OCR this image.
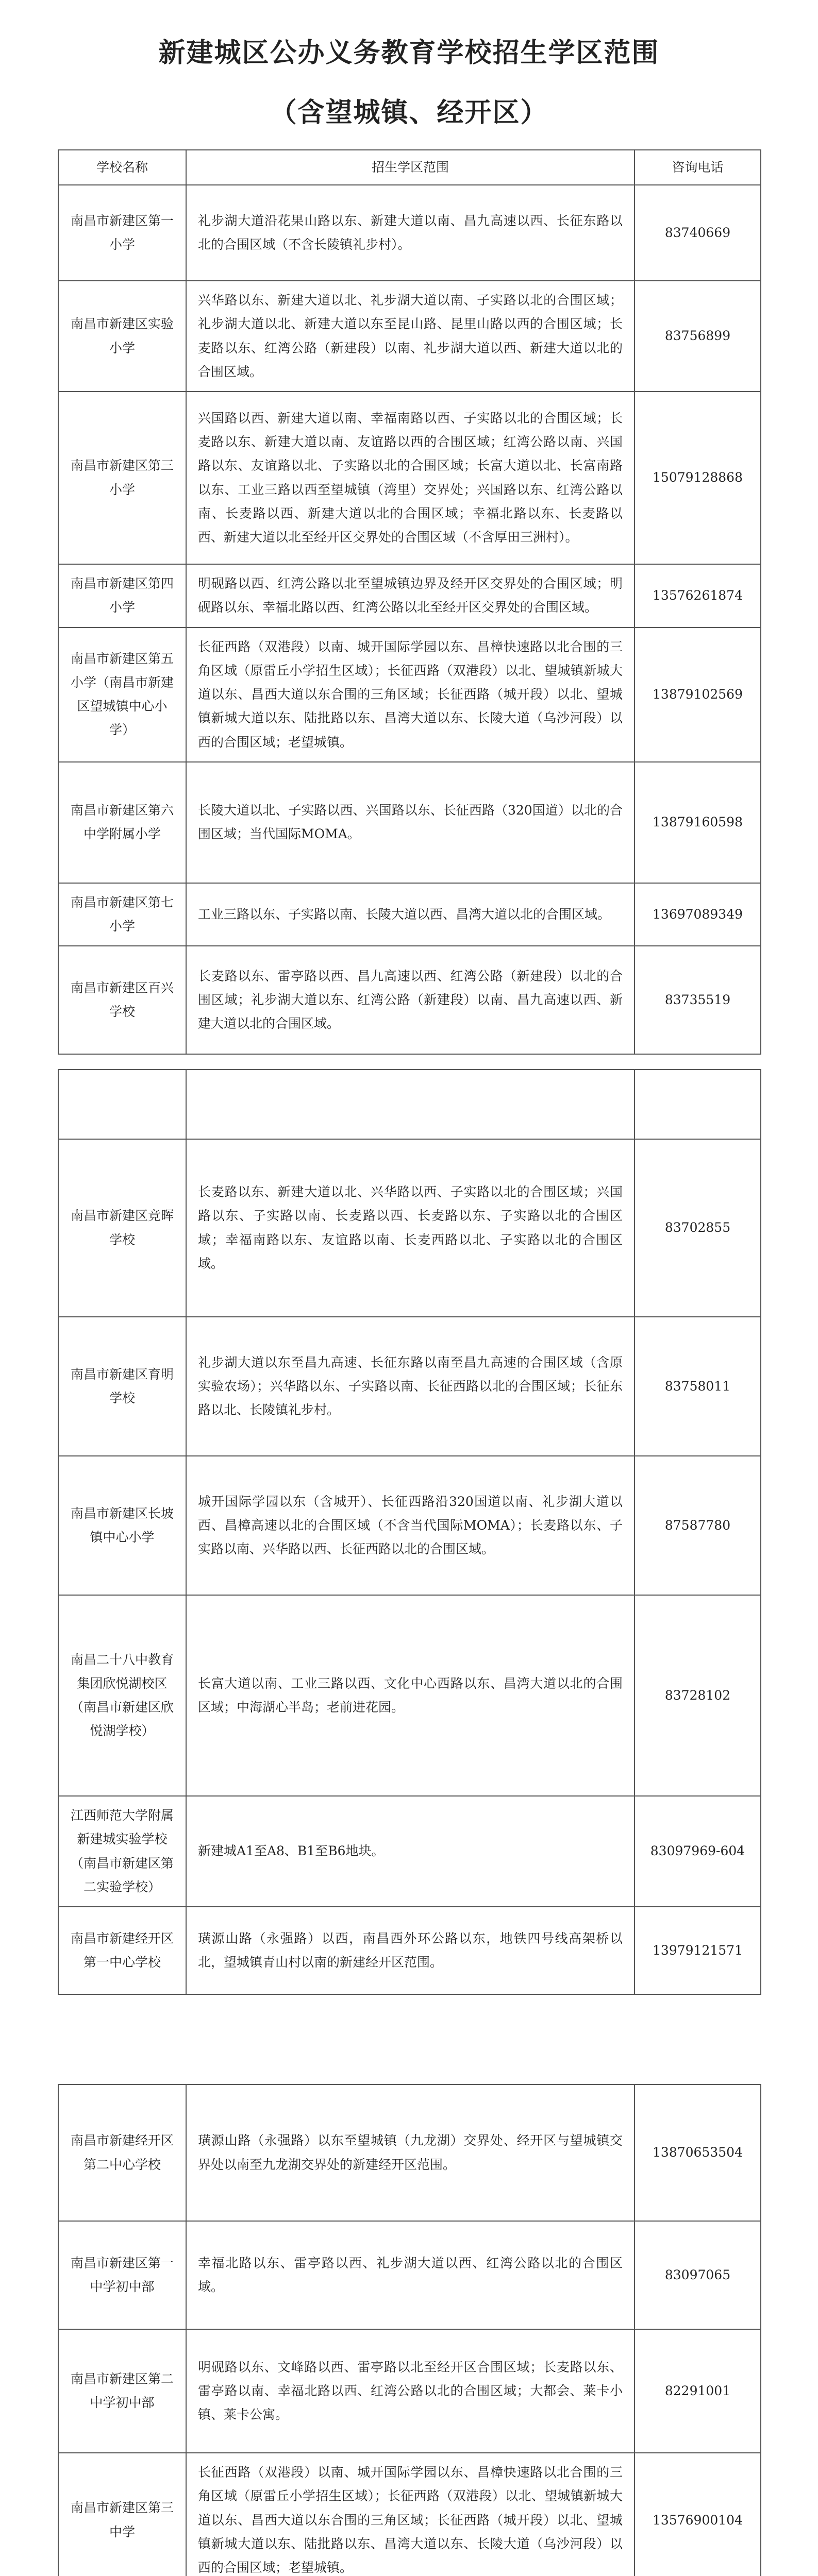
新建城区公办义务教育学校招生学区范围
（含望城镇、经开区）
学校名称	招生学区范围	咨询电话
南昌市新建区第一小学	礼步湖大道沿花果山路以东、新建大道以南、昌九高速以西、长征东路以北的合围区域（不含长陵镇礼步村）。	83740669
南昌市新建区实验小学	兴华路以东、新建大道以北、礼步湖大道以南、子实路以北的合围区域；礼步湖大道以北、新建大道以东至昆山路、昆里山路以西的合围区域；长麦路以东、红湾公路（新建段）以南、礼步湖大道以西、新建大道以北的合围区域。	83756899
南昌市新建区第三小学	兴国路以西、新建大道以南、幸福南路以西、子实路以北的合围区域；长麦路以东、新建大道以南、友谊路以西的合围区域；红湾公路以南、兴国路以东、友谊路以北、子实路以北的合围区域；长富大道以北、长富南路以东、工业三路以西至望城镇（湾里）交界处；兴国路以东、红湾公路以南、长麦路以西、新建大道以北的合围区域；幸福北路以东、长麦路以西、新建大道以北至经开区交界处的合围区域（不含厚田三洲村）。	15079128868
南昌市新建区第四小学	明砚路以西、红湾公路以北至望城镇边界及经开区交界处的合围区域；明砚路以东、幸福北路以西、红湾公路以北至经开区交界处的合围区域。	13576261874
南昌市新建区第五小学（南昌市新建区望城镇中心小学）	长征西路（双港段）以南、城开国际学园以东、昌樟快速路以北合围的三角区域（原雷丘小学招生区域）；长征西路（双港段）以北、望城镇新城大道以东、昌西大道以东合围的三角区域；长征西路（城开段）以北、望城镇新城大道以东、陆批路以东、昌湾大道以东、长陵大道（乌沙河段）以西的合围区域；老望城镇。	13879102569
南昌市新建区第六中学附属小学	长陵大道以北、子实路以西、兴国路以东、长征西路（320国道）以北的合围区域；当代国际MOMA。	13879160598
南昌市新建区第七小学	工业三路以东、子实路以南、长陵大道以西、昌湾大道以北的合围区域。	13697089349
南昌市新建区百兴学校	长麦路以东、雷亭路以西、昌九高速以西、红湾公路（新建段）以北的合围区域；礼步湖大道以东、红湾公路（新建段）以南、昌九高速以西、新建大道以北的合围区域。	83735519

南昌市新建区竞晖学校	长麦路以东、新建大道以北、兴华路以西、子实路以北的合围区域；兴国路以东、子实路以南、长麦路以西、长麦路以东、子实路以北的合围区域；幸福南路以东、友谊路以南、长麦西路以北、子实路以北的合围区域。	83702855
南昌市新建区育明学校	礼步湖大道以东至昌九高速、长征东路以南至昌九高速的合围区域（含原实验农场）；兴华路以东、子实路以南、长征西路以北的合围区域；长征东路以北、长陵镇礼步村。	83758011
南昌市新建区长坡镇中心小学	城开国际学园以东（含城开）、长征西路沿320国道以南、礼步湖大道以西、昌樟高速以北的合围区域（不含当代国际MOMA）；长麦路以东、子实路以南、兴华路以西、长征西路以北的合围区域。	87587780
南昌二十八中教育集团欣悦湖校区（南昌市新建区欣悦湖学校）	长富大道以南、工业三路以西、文化中心西路以东、昌湾大道以北的合围区域；中海湖心半岛；老前进花园。	83728102
江西师范大学附属新建城实验学校（南昌市新建区第二实验学校）	新建城A1至A8、B1至B6地块。	83097969-604
南昌市新建经开区第一中心学校	璜源山路（永强路）以西，南昌西外环公路以东，地铁四号线高架桥以北，望城镇青山村以南的新建经开区范围。	13979121571
南昌市新建经开区第二中心学校	璜源山路（永强路）以东至望城镇（九龙湖）交界处、经开区与望城镇交界处以南至九龙湖交界处的新建经开区范围。	13870653504
南昌市新建区第一中学初中部	幸福北路以东、雷亭路以西、礼步湖大道以西、红湾公路以北的合围区域。	83097065
南昌市新建区第二中学初中部	明砚路以东、文峰路以西、雷亭路以北至经开区合围区域；长麦路以东、雷亭路以南、幸福北路以西、红湾公路以北的合围区域；大都会、莱卡小镇、莱卡公寓。	82291001
南昌市新建区第三中学	长征西路（双港段）以南、城开国际学园以东、昌樟快速路以北合围的三角区域（原雷丘小学招生区域）；长征西路（双港段）以北、望城镇新城大道以东、昌西大道以东合围的三角区域；长征西路（城开段）以北、望城镇新城大道以东、陆批路以东、昌湾大道以东、长陵大道（乌沙河段）以西的合围区域；老望城镇。	13576900104
